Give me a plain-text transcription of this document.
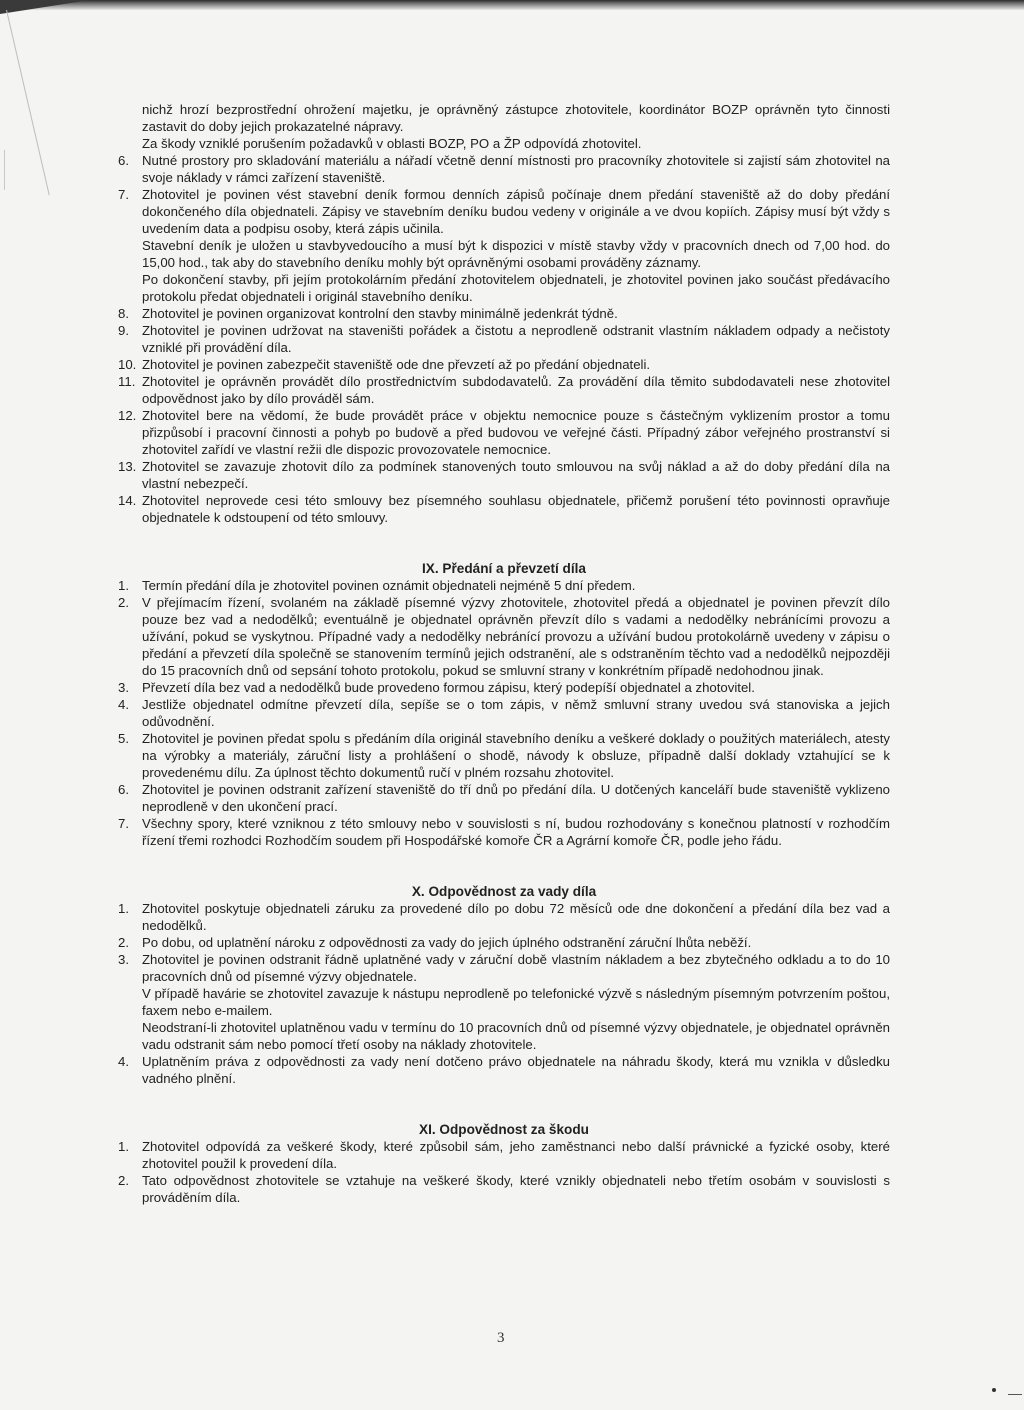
nichž hrozí bezprostřední ohrožení majetku, je oprávněný zástupce zhotovitele, koordinátor BOZP oprávněn tyto činnosti zastavit do doby jejich prokazatelné nápravy.
Za škody vzniklé porušením požadavků v oblasti BOZP, PO a ŽP odpovídá zhotovitel.
6. Nutné prostory pro skladování materiálu a nářadí včetně denní místnosti pro pracovníky zhotovitele si zajistí sám zhotovitel na svoje náklady v rámci zařízení staveniště.
7. Zhotovitel je povinen vést stavební deník formou denních zápisů počínaje dnem předání staveniště až do doby předání dokončeného díla objednateli. Zápisy ve stavebním deníku budou vedeny v originále a ve dvou kopiích. Zápisy musí být vždy s uvedením data a podpisu osoby, která zápis učinila.
Stavební deník je uložen u stavbyvedoucího a musí být k dispozici v místě stavby vždy v pracovních dnech od 7,00 hod. do 15,00 hod., tak aby do stavebního deníku mohly být oprávněnými osobami prováděny záznamy.
Po dokončení stavby, při jejím protokolárním předání zhotovitelem objednateli, je zhotovitel povinen jako součást předávacího protokolu předat objednateli i originál stavebního deníku.
8. Zhotovitel je povinen organizovat kontrolní den stavby minimálně jedenkrát týdně.
9. Zhotovitel je povinen udržovat na staveništi pořádek a čistotu a neprodleně odstranit vlastním nákladem odpady a nečistoty vzniklé při provádění díla.
10. Zhotovitel je povinen zabezpečit staveniště ode dne převzetí až po předání objednateli.
11. Zhotovitel je oprávněn provádět dílo prostřednictvím subdodavatelů. Za provádění díla těmito subdodavateli nese zhotovitel odpovědnost jako by dílo prováděl sám.
12. Zhotovitel bere na vědomí, že bude provádět práce v objektu nemocnice pouze s částečným vyklizením prostor a tomu přizpůsobí i pracovní činnosti a pohyb po budově a před budovou ve veřejné části. Případný zábor veřejného prostranství si zhotovitel zařídí ve vlastní režii dle dispozic provozovatele nemocnice.
13. Zhotovitel se zavazuje zhotovit dílo za podmínek stanovených touto smlouvou na svůj náklad a až do doby předání díla na vlastní nebezpečí.
14. Zhotovitel neprovede cesi této smlouvy bez písemného souhlasu objednatele, přičemž porušení této povinnosti opravňuje objednatele k odstoupení od této smlouvy.
IX. Předání a převzetí díla
1. Termín předání díla je zhotovitel povinen oznámit objednateli nejméně 5 dní předem.
2. V přejímacím řízení, svolaném na základě písemné výzvy zhotovitele, zhotovitel předá a objednatel je povinen převzít dílo pouze bez vad a nedodělků; eventuálně je objednatel oprávněn převzít dílo s vadami a nedodělky nebránícími provozu a užívání, pokud se vyskytnou. Případné vady a nedodělky nebránící provozu a užívání budou protokolárně uvedeny v zápisu o předání a převzetí díla společně se stanovením termínů jejich odstranění, ale s odstraněním těchto vad a nedodělků nejpozději do 15 pracovních dnů od sepsání tohoto protokolu, pokud se smluvní strany v konkrétním případě nedohodnou jinak.
3. Převzetí díla bez vad a nedodělků bude provedeno formou zápisu, který podepíší objednatel a zhotovitel.
4. Jestliže objednatel odmítne převzetí díla, sepíše se o tom zápis, v němž smluvní strany uvedou svá stanoviska a jejich odůvodnění.
5. Zhotovitel je povinen předat spolu s předáním díla originál stavebního deníku a veškeré doklady o použitých materiálech, atesty na výrobky a materiály, záruční listy a prohlášení o shodě, návody k obsluze, případně další doklady vztahující se k provedenému dílu. Za úplnost těchto dokumentů ručí v plném rozsahu zhotovitel.
6. Zhotovitel je povinen odstranit zařízení staveniště do tří dnů po předání díla. U dotčených kanceláří bude staveniště vyklizeno neprodleně v den ukončení prací.
7. Všechny spory, které vzniknou z této smlouvy nebo v souvislosti s ní, budou rozhodovány s konečnou platností v rozhodčím řízení třemi rozhodci Rozhodčím soudem při Hospodářské komoře ČR a Agrární komoře ČR, podle jeho řádu.
X. Odpovědnost za vady díla
1. Zhotovitel poskytuje objednateli záruku za provedené dílo po dobu 72 měsíců ode dne dokončení a předání díla bez vad a nedodělků.
2. Po dobu, od uplatnění nároku z odpovědnosti za vady do jejich úplného odstranění záruční lhůta neběží.
3. Zhotovitel je povinen odstranit řádně uplatněné vady v záruční době vlastním nákladem a bez zbytečného odkladu a to do 10 pracovních dnů od písemné výzvy objednatele.
V případě havárie se zhotovitel zavazuje k nástupu neprodleně po telefonické výzvě s následným písemným potvrzením poštou, faxem nebo e-mailem.
Neodstraní-li zhotovitel uplatněnou vadu v termínu do 10 pracovních dnů od písemné výzvy objednatele, je objednatel oprávněn vadu odstranit sám nebo pomocí třetí osoby na náklady zhotovitele.
4. Uplatněním práva z odpovědnosti za vady není dotčeno právo objednatele na náhradu škody, která mu vznikla v důsledku vadného plnění.
XI. Odpovědnost za škodu
1. Zhotovitel odpovídá za veškeré škody, které způsobil sám, jeho zaměstnanci nebo další právnické a fyzické osoby, které zhotovitel použil k provedení díla.
2. Tato odpovědnost zhotovitele se vztahuje na veškeré škody, které vznikly objednateli nebo třetím osobám v souvislosti s prováděním díla.
3
